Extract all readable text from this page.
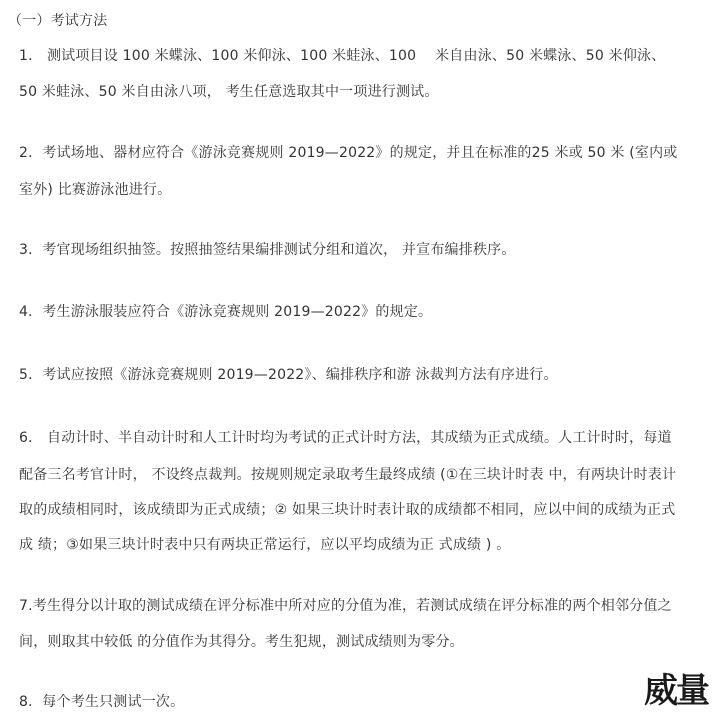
（一）考试方法
1． 测试项目设 100 米蝶泳、100 米仰泳、100 米蛙泳、100　 米自由泳、50 米蝶泳、50 米仰泳、
50 米蛙泳、50 米自由泳八项， 考生任意选取其中一项进行测试。
2．考试场地、器材应符合《游泳竞赛规则 2019—2022》的规定，并且在标准的25 米或 50 米 (室内或
室外) 比赛游泳池进行。
3．考官现场组织抽签。按照抽签结果编排测试分组和道次， 并宣布编排秩序。
4．考生游泳服装应符合《游泳竞赛规则 2019—2022》的规定。
5．考试应按照《游泳竞赛规则 2019—2022》、编排秩序和游 泳裁判方法有序进行。
6． 自动计时、半自动计时和人工计时均为考试的正式计时方法，其成绩为正式成绩。人工计时时，每道
配备三名考官计时， 不设终点裁判。按规则规定录取考生最终成绩 (①在三块计时表 中，有两块计时表计
取的成绩相同时，该成绩即为正式成绩；② 如果三块计时表计取的成绩都不相同，应以中间的成绩为正式
成 绩；③如果三块计时表中只有两块正常运行，应以平均成绩为正 式成绩 ) 。
7.考生得分以计取的测试成绩在评分标准中所对应的分值为准，若测试成绩在评分标准的两个相邻分值之
间，则取其中较低 的分值作为其得分。考生犯规，测试成绩则为零分。
8．每个考生只测试一次。	威量
